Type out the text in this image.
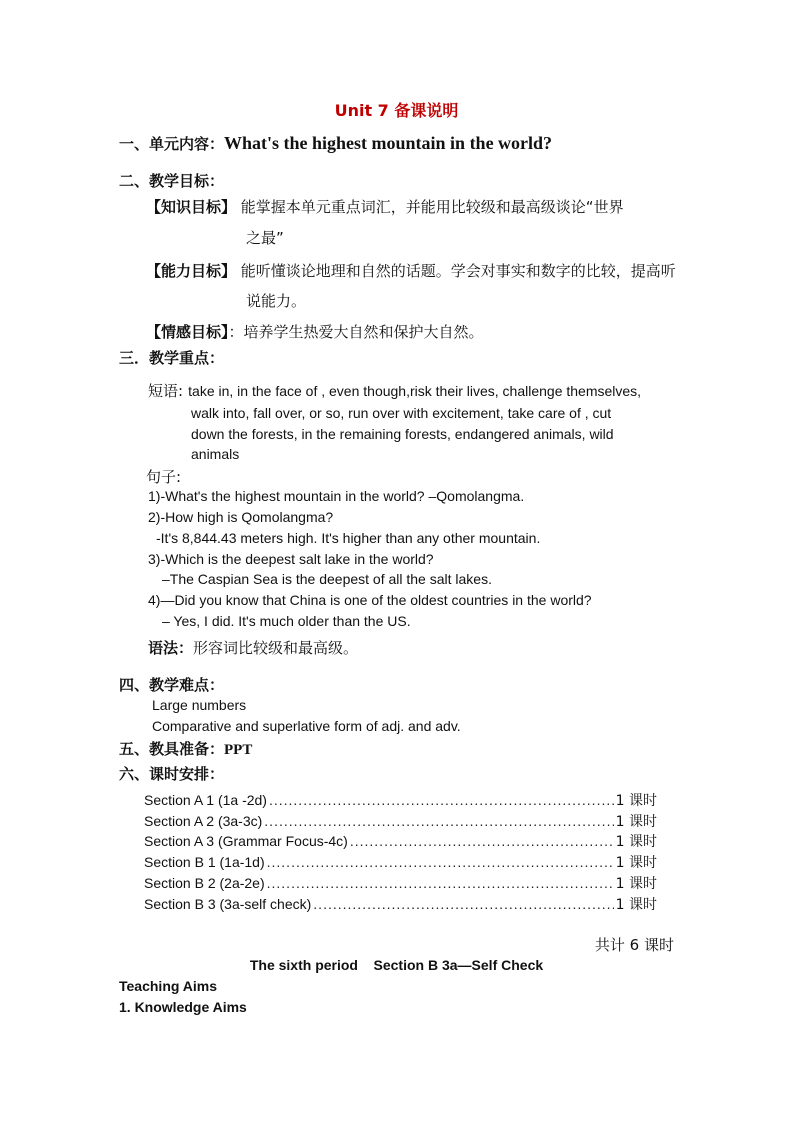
Unit 7 备课说明
一、单元内容：What's the highest mountain in the world?
二、教学目标：
【知识目标】 能掌握本单元重点词汇，并能用比较级和最高级谈论“世界
之最”
【能力目标】 能听懂谈论地理和自然的话题。学会对事实和数字的比较，提高听
说能力。
【情感目标】：培养学生热爱大自然和保护大自然。
三．教学重点：
短语: take in, in the face of , even though,risk their lives, challenge themselves,
walk into, fall over, or so, run over with excitement, take care of , cut
down the forests, in the remaining forests, endangered animals, wild
animals
句子:
1)-What's the highest mountain in the world? –Qomolangma.
2)-How high is Qomolangma?
-It's 8,844.43 meters high. It's higher than any other mountain.
3)-Which is the deepest salt lake in the world?
–The Caspian Sea is the deepest of all the salt lakes.
4)—Did you know that China is one of the oldest countries in the world?
– Yes, I did. It's much older than the US.
语法：形容词比较级和最高级。
四、教学难点：
Large numbers
Comparative and superlative form of adj. and adv.
五、教具准备：PPT
六、课时安排：
Section A 1 (1a -2d) .....	1 课时
Section A 2 (3a-3c) .....	1 课时
Section A 3 (Grammar Focus-4c) .....	1 课时
Section B 1 (1a-1d) .....	1 课时
Section B 2 (2a-2e) .....	1 课时
Section B 3 (3a-self check) .....	1 课时
共计 6 课时
The sixth period    Section B 3a—Self Check
Teaching Aims
1. Knowledge Aims
